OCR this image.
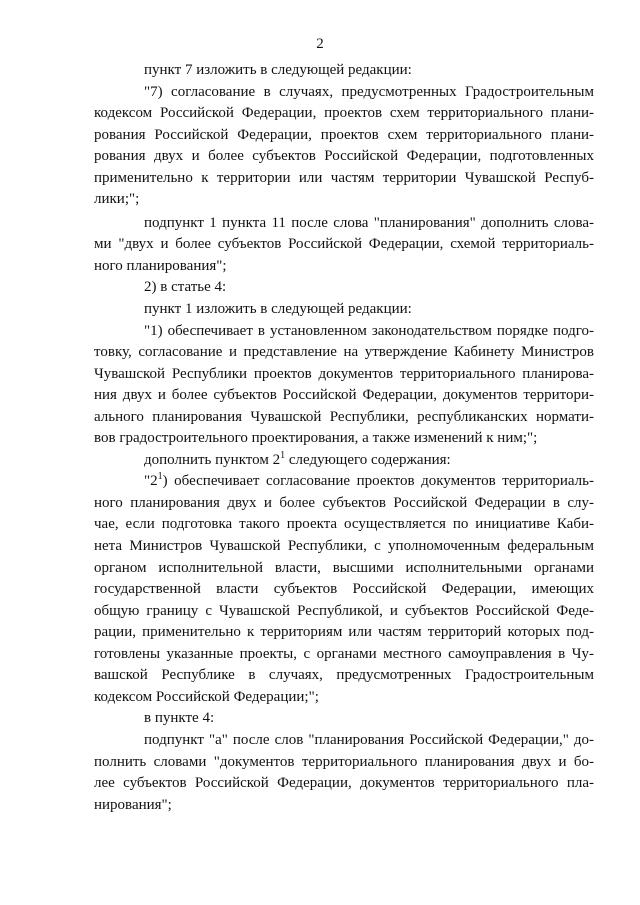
2
пункт 7 изложить в следующей редакции:
"7) согласование в случаях, предусмотренных Градостроительным
кодексом Российской Федерации, проектов схем территориального плани-
рования Российской Федерации, проектов схем территориального плани-
рования двух и более субъектов Российской Федерации, подготовленных
применительно к территории или частям территории Чувашской Респуб-
лики;";
подпункт 1 пункта 11 после слова "планирования" дополнить слова-
ми "двух и более субъектов Российской Федерации, схемой территориаль-
ного планирования";
2) в статье 4:
пункт 1 изложить в следующей редакции:
"1) обеспечивает в установленном законодательством порядке подго-
товку, согласование и представление на утверждение Кабинету Министров
Чувашской Республики проектов документов территориального планирова-
ния двух и более субъектов Российской Федерации, документов территори-
ального планирования Чувашской Республики, республиканских нормати-
вов градостроительного проектирования, а также изменений к ним;";
дополнить пунктом $2^1$ следующего содержания:
"$2^1$) обеспечивает согласование проектов документов территориаль-
ного планирования двух и более субъектов Российской Федерации в слу-
чае, если подготовка такого проекта осуществляется по инициативе Каби-
нета Министров Чувашской Республики, с уполномоченным федеральным
органом исполнительной власти, высшими исполнительными органами
государственной власти субъектов Российской Федерации, имеющих
общую границу с Чувашской Республикой, и субъектов Российской Феде-
рации, применительно к территориям или частям территорий которых под-
готовлены указанные проекты, с органами местного самоуправления в Чу-
вашской Республике в случаях, предусмотренных Градостроительным
кодексом Российской Федерации;";
в пункте 4:
подпункт "а" после слов "планирования Российской Федерации," до-
полнить словами "документов территориального планирования двух и бо-
лее субъектов Российской Федерации, документов территориального пла-
нирования";
